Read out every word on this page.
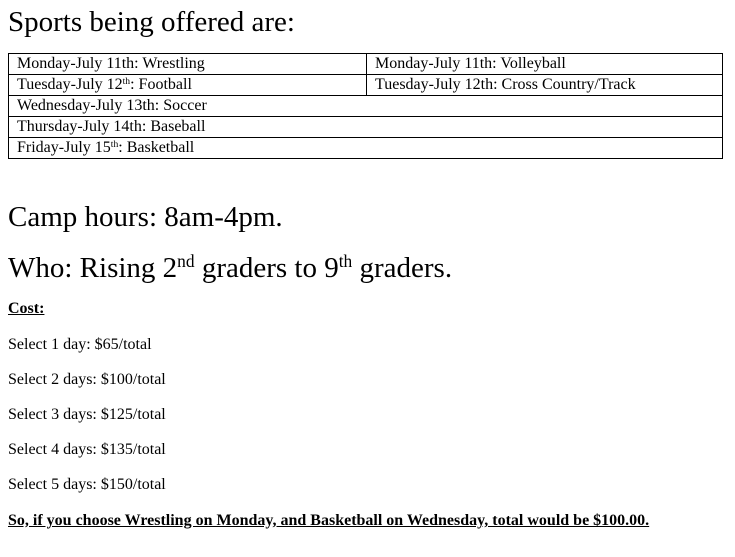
Sports being offered are:
Monday-July 11th: Wrestling	Monday-July 11th: Volleyball
Tuesday-July 12th: Football	Tuesday-July 12th: Cross Country/Track
Wednesday-July 13th: Soccer	
Thursday-July 14th: Baseball	
Friday-July 15th: Basketball	
Camp hours: 8am-4pm.
Who: Rising 2nd graders to 9th graders.
Cost:
Select 1 day: $65/total
Select 2 days: $100/total
Select 3 days: $125/total
Select 4 days: $135/total
Select 5 days: $150/total
So, if you choose Wrestling on Monday, and Basketball on Wednesday, total would be $100.00.
